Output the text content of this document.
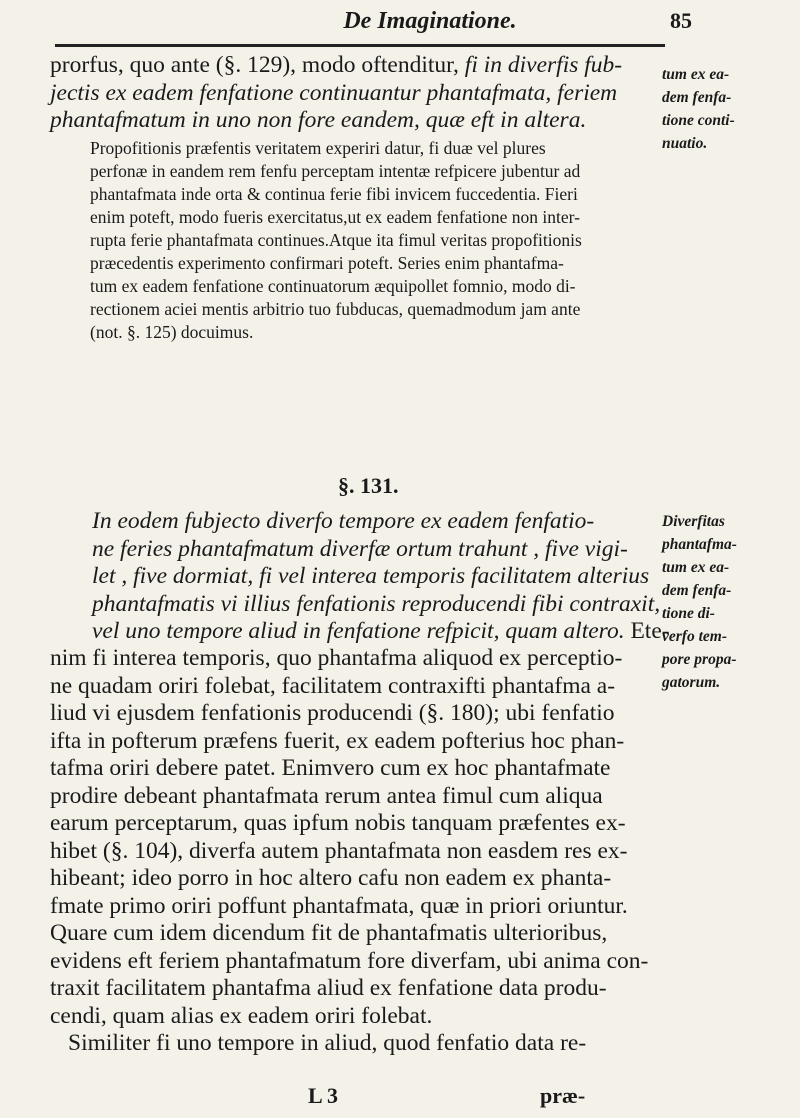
De Imaginatione.	85
prorfus, quo ante (§. 129), modo oftenditur, fi in diverfis fub-
jectis ex eadem fenfatione continuantur phantafmata, feriem
phantafmatum in uno non fore eandem, quæ eft in altera.
Propofitionis præfentis veritatem experiri datur, fi duæ vel plures
perfonæ in eandem rem fenfu perceptam intentæ refpicere jubentur ad
phantafmata inde orta & continua ferie fibi invicem fuccedentia. Fieri
enim poteft, modo fueris exercitatus,ut ex eadem fenfatione non inter-
rupta ferie phantafmata continues.Atque ita fimul veritas propofitionis
præcedentis experimento confirmari poteft. Series enim phantafma-
tum ex eadem fenfatione continuatorum æquipollet fomnio, modo di-
rectionem aciei mentis arbitrio tuo fubducas, quemadmodum jam ante
(not. §. 125) docuimus.
§. 131.
In eodem fubjecto diverfo tempore ex eadem fenfatio-
ne feries phantafmatum diverfæ ortum trahunt , five vigi-
let , five dormiat, fi vel interea temporis facilitatem alterius
phantafmatis vi illius fenfationis reproducendi fibi contraxit,
vel uno tempore aliud in fenfatione refpicit, quam altero. Ete-
nim fi interea temporis, quo phantafma aliquod ex perceptio-
ne quadam oriri folebat, facilitatem contraxifti phantafma a-
liud vi ejusdem fenfationis producendi (§. 180); ubi fenfatio
ifta in pofterum præfens fuerit, ex eadem pofterius hoc phan-
tafma oriri debere patet. Enimvero cum ex hoc phantafmate
prodire debeant phantafmata rerum antea fimul cum aliqua
earum perceptarum, quas ipfum nobis tanquam præfentes ex-
hibet (§. 104), diverfa autem phantafmata non easdem res ex-
hibeant; ideo porro in hoc altero cafu non eadem ex phanta-
fmate primo oriri poffunt phantafmata, quæ in priori oriuntur.
Quare cum idem dicendum fit de phantafmatis ulterioribus,
evidens eft feriem phantafmatum fore diverfam, ubi anima con-
traxit facilitatem phantafma aliud ex fenfatione data produ-
cendi, quam alias ex eadem oriri folebat.
Similiter fi uno tempore in aliud, quod fenfatio data re-
tum ex ea-
dem fenfa-
tione conti-
nuatio.
Diverfitas
phantafma-
tum ex ea-
dem fenfa-
tione di-
verfo tem-
pore propa-
gatorum.
L 3	præ-
